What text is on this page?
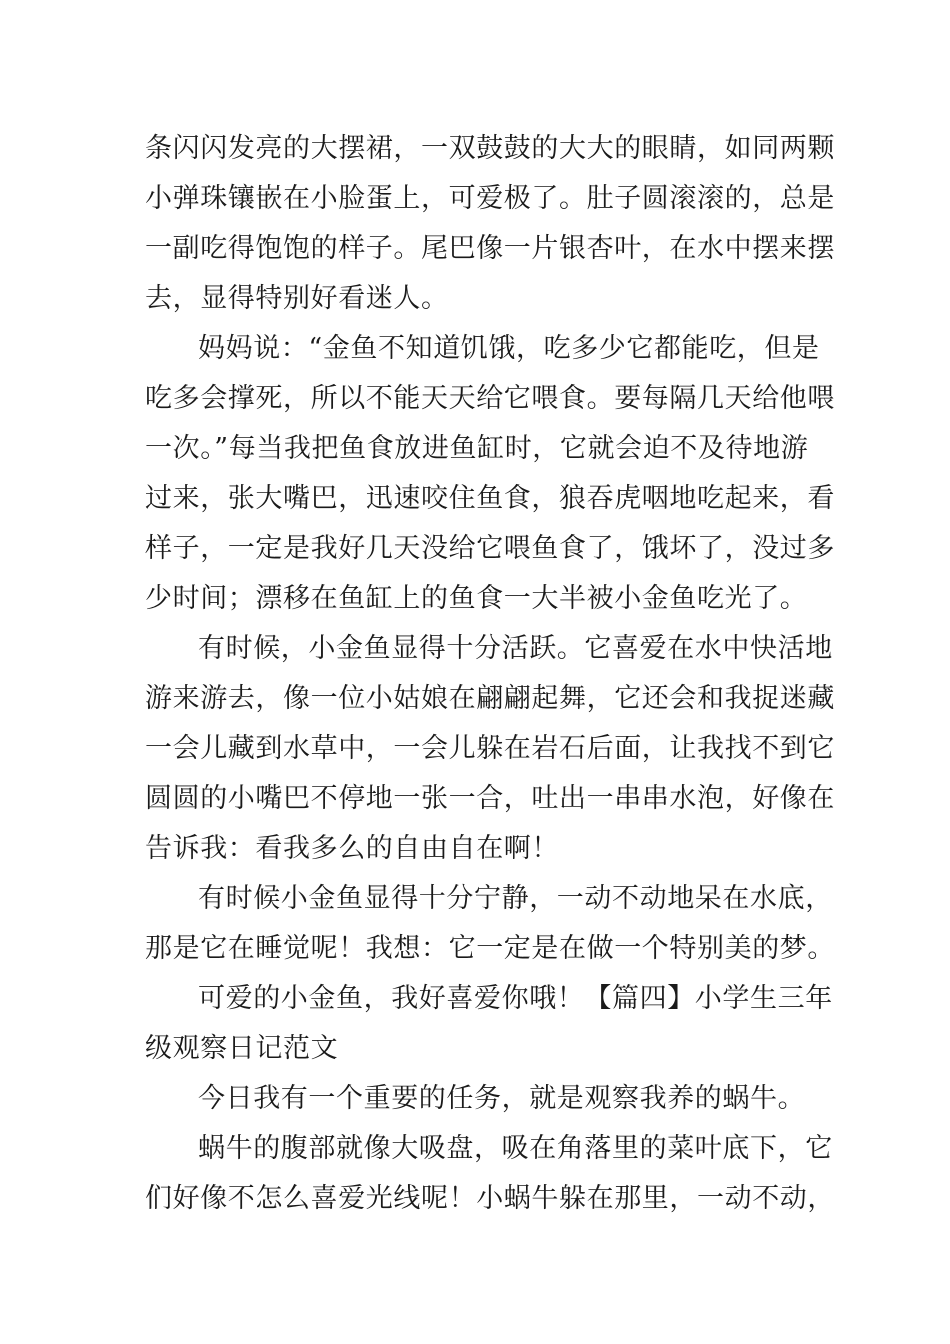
条闪闪发亮的大摆裙，一双鼓鼓的大大的眼睛，如同两颗
小弹珠镶嵌在小脸蛋上，可爱极了。肚子圆滚滚的，总是
一副吃得饱饱的样子。尾巴像一片银杏叶，在水中摆来摆
去，显得特别好看迷人。
妈妈说：“金鱼不知道饥饿，吃多少它都能吃，但是
吃多会撑死，所以不能天天给它喂食。要每隔几天给他喂
一次。”每当我把鱼食放进鱼缸时，它就会迫不及待地游
过来，张大嘴巴，迅速咬住鱼食，狼吞虎咽地吃起来，看
样子，一定是我好几天没给它喂鱼食了，饿坏了，没过多
少时间；漂移在鱼缸上的鱼食一大半被小金鱼吃光了。
有时候，小金鱼显得十分活跃。它喜爱在水中快活地
游来游去，像一位小姑娘在翩翩起舞，它还会和我捉迷藏
一会儿藏到水草中，一会儿躲在岩石后面，让我找不到它
圆圆的小嘴巴不停地一张一合，吐出一串串水泡，好像在
告诉我：看我多么的自由自在啊！
有时候小金鱼显得十分宁静，一动不动地呆在水底，
那是它在睡觉呢！我想：它一定是在做一个特别美的梦。
可爱的小金鱼，我好喜爱你哦！【篇四】小学生三年
级观察日记范文
今日我有一个重要的任务，就是观察我养的蜗牛。
蜗牛的腹部就像大吸盘，吸在角落里的菜叶底下，它
们好像不怎么喜爱光线呢！小蜗牛躲在那里，一动不动，
